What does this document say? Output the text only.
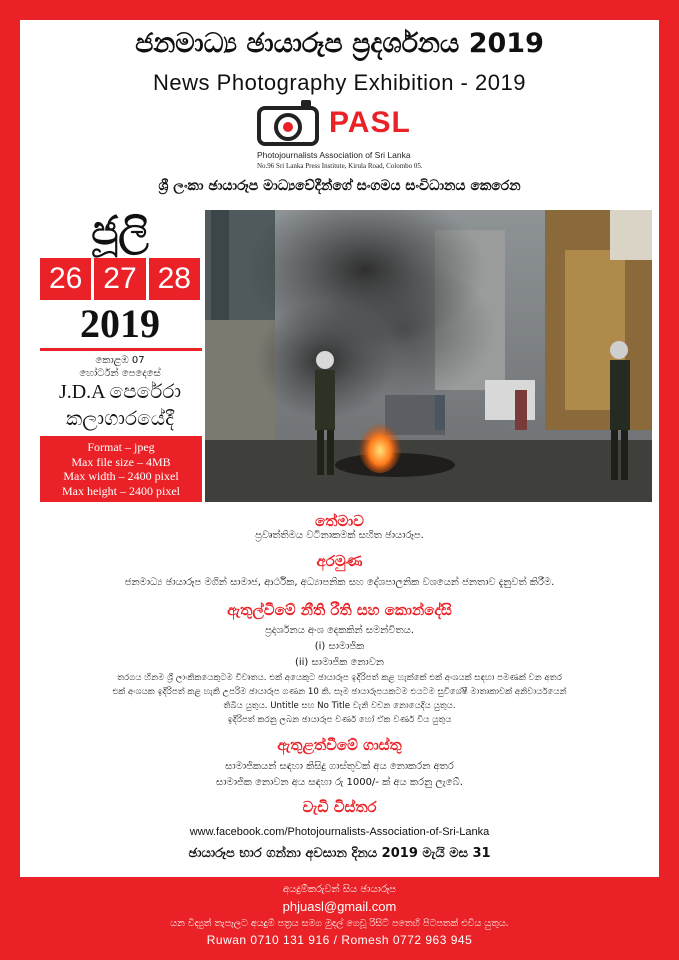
ජනමාධ්‍ය ඡායාරූප ප්‍රදර්ශනය 2019
News Photography Exhibition - 2019
PASL
Photojournalists Association of Sri Lanka
No.96 Sri Lanka Press Institute, Kirula Road, Colombo 05.
ශ්‍රී ලංකා ඡායාරූප මාධ්‍යවේදීන්ගේ සංගමය සංවිධානය කෙරෙන
ජූලි
26 27 28
2019
කොළඹ 07
හෝර්ටන් පෙදෙසේ
J.D.A පෙරේරා
කලාගාරයේදී
Format – jpeg
Max file size – 4MB
Max width – 2400 pixel
Max height – 2400 pixel
තේමාව
ප්‍රවෘත්තිමය වටිනාකමක් සහිත ඡායාරූප.
අරමුණ
ජනමාධ්‍ය ඡායාරූප මගින් සාමාජ, ආර්ථික, අධ්‍යාපනික සහ දේශපාලනික වශයෙන් ජනතාව දැනුවත් කිරීම.
ඇතුල්වීමේ නීති රීති සහ කොන්දේසි
ප්‍රදර්ශනය අංශ දෙකකින් සමන්විතය.
(i) සාමාජික
(ii) සාමාජික නොවන
තරගය හිනම ශ්‍රී ලාංකිකයෙකුටම විවෘතය. එක් අයෙකුට ඡායාරූප ඉදිරිපත් කළ හැක්කේ එක් අංශයක් සඳහා පමණක් වන අතර
එක් අංශයක ඉදිරිපත් කළ හැකි උපරිම ඡායාරූප ගණන 10 කි. සෑම ඡායාරූපයකටම එයටම සුවිශේෂී මාතෘකාවක් අනිවාර්යයෙන්
තිබිය යුතුය. Untitle සහ No Title වැනි වචන නොයෙදිය යුතුය.
ඉදිරිපත් කරනු ලබන ඡායාරූප වර්ණ හෝ ඒක වර්ණ විය යුතුය
ඇතුළත්වීමේ ගාස්තු
සාමාජිකයන් සඳහා කිසිදු ගාස්තුවක් අය නොකරන අතර
සාමාජික නොවන අය සඳහා රු 1000/- ක් අය කරනු ලැබේ.
වැඩි විස්තර
www.facebook.com/Photojournalists-Association-of-Sri-Lanka
ඡායාරූප භාර ගන්නා අවසාන දිනය 2019 මැයි මස 31
අයදුම්කරුවන් සිය ඡායාරූප
phjuasl@gmail.com
යන විද්‍යුත් තැපෑලට අයදුම් පත්‍රය සමග මුදල් ගෙවූ රිසිට් පතෙහි පිටපතක් එවිය යුතුය.
Ruwan 0710 131 916 / Romesh 0772 963 945
